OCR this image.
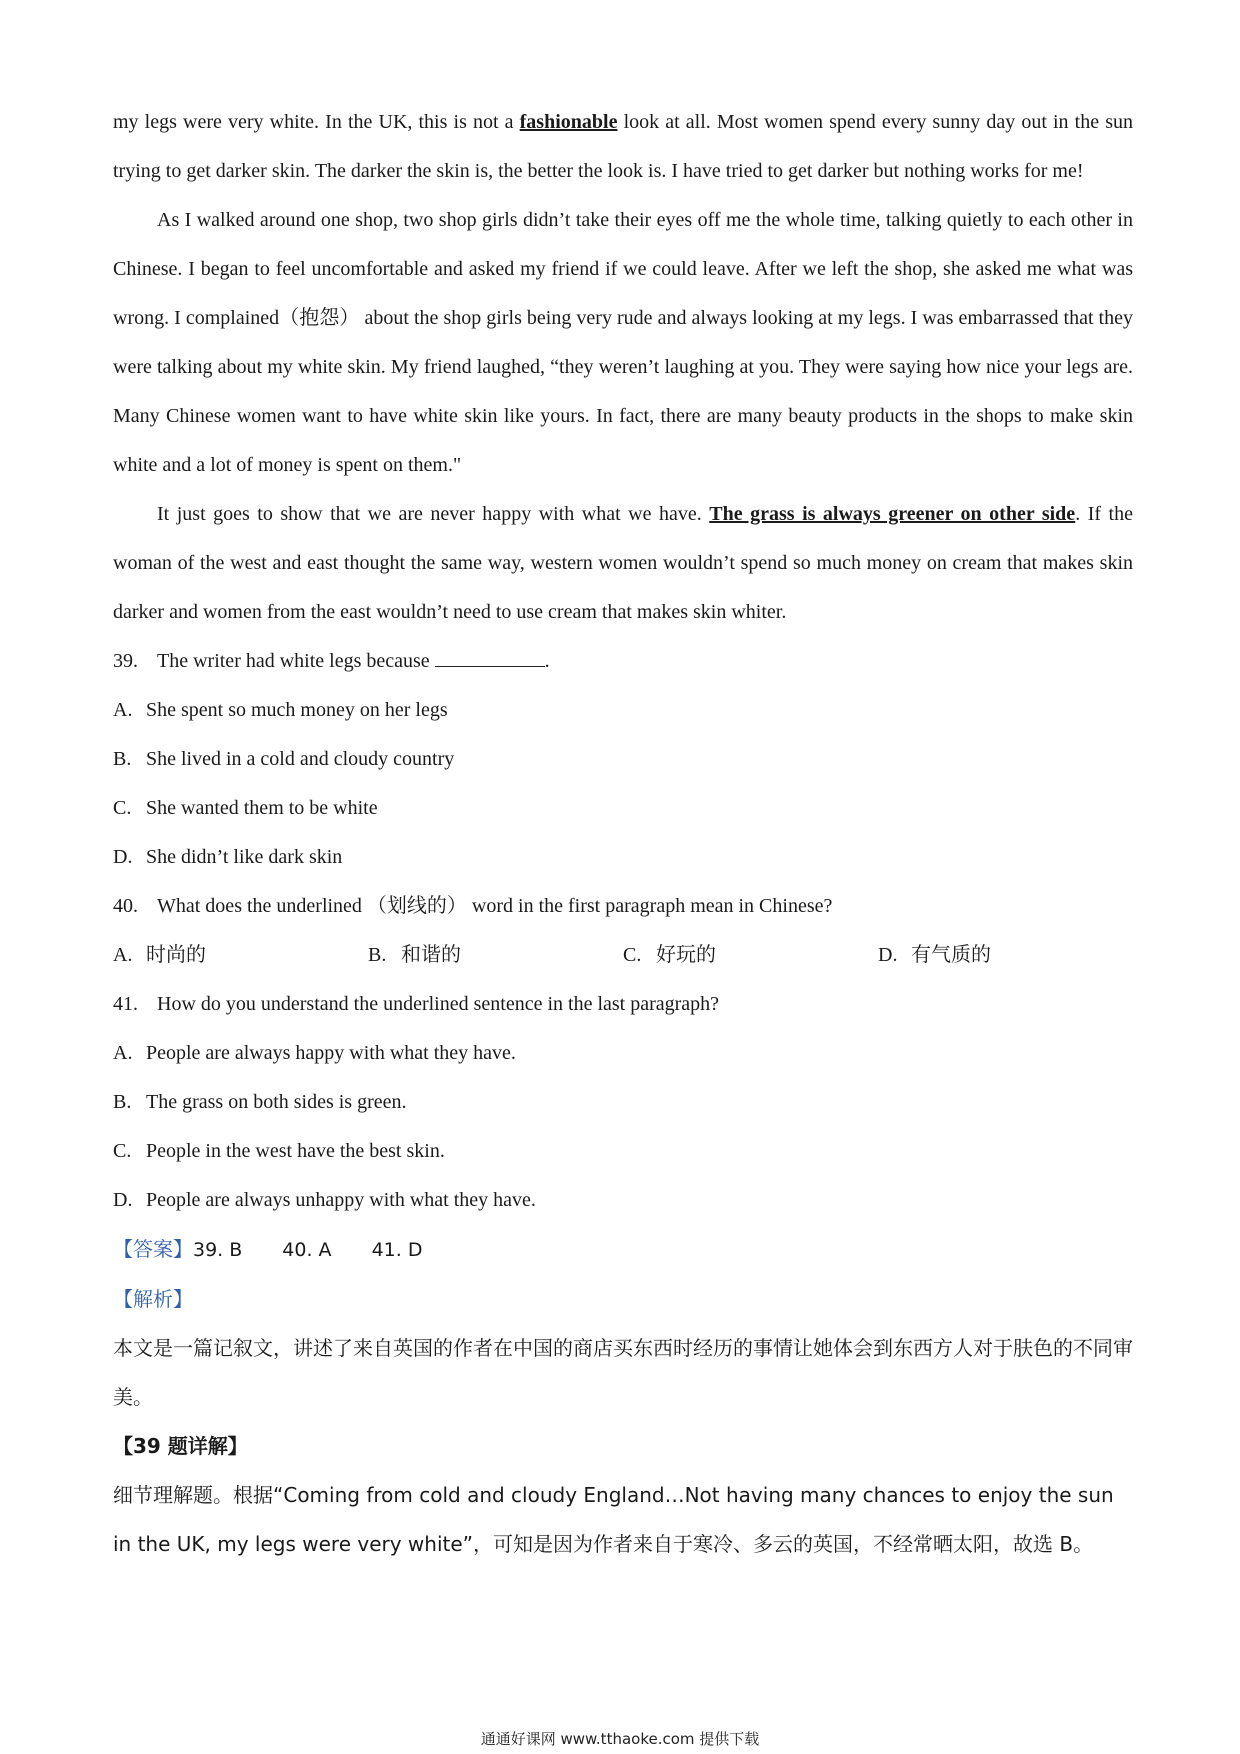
my legs were very white. In the UK, this is not a fashionable look at all. Most women spend every sunny day out in the sun trying to get darker skin. The darker the skin is, the better the look is. I have tried to get darker but nothing works for me!

As I walked around one shop, two shop girls didn’t take their eyes off me the whole time, talking quietly to each other in Chinese. I began to feel uncomfortable and asked my friend if we could leave. After we left the shop, she asked me what was wrong. I complained（抱怨） about the shop girls being very rude and always looking at my legs. I was embarrassed that they were talking about my white skin. My friend laughed, “they weren’t laughing at you. They were saying how nice your legs are. Many Chinese women want to have white skin like yours. In fact, there are many beauty products in the shops to make skin white and a lot of money is spent on them."

It just goes to show that we are never happy with what we have. The grass is always greener on other side. If the woman of the west and east thought the same way, western women wouldn’t spend so much money on cream that makes skin darker and women from the east wouldn’t need to use cream that makes skin whiter.

39. The writer had white legs because	.

A. She spent so much money on her legs

B. She lived in a cold and cloudy country

C. She wanted them to be white

D. She didn’t like dark skin

40. What does the underlined （划线的） word in the first paragraph mean in Chinese?

A. 时尚的	B. 和谐的	C. 好玩的	D. 有气质的

41. How do you understand the underlined sentence in the last paragraph?

A. People are always happy with what they have.

B. The grass on both sides is green.

C. People in the west have the best skin.

D. People are always unhappy with what they have.

【答案】39. B 40. A 41. D

【解析】

本文是一篇记叙文，讲述了来自英国的作者在中国的商店买东西时经历的事情让她体会到东西方人对于肤色的不同审美。

【39 题详解】

细节理解题。根据“Coming from cold and cloudy England…Not having many chances to enjoy the sun in the UK, my legs were very white”，可知是因为作者来自于寒冷、多云的英国，不经常晒太阳，故选 B。

通通好课网 www.tthaoke.com 提供下载
